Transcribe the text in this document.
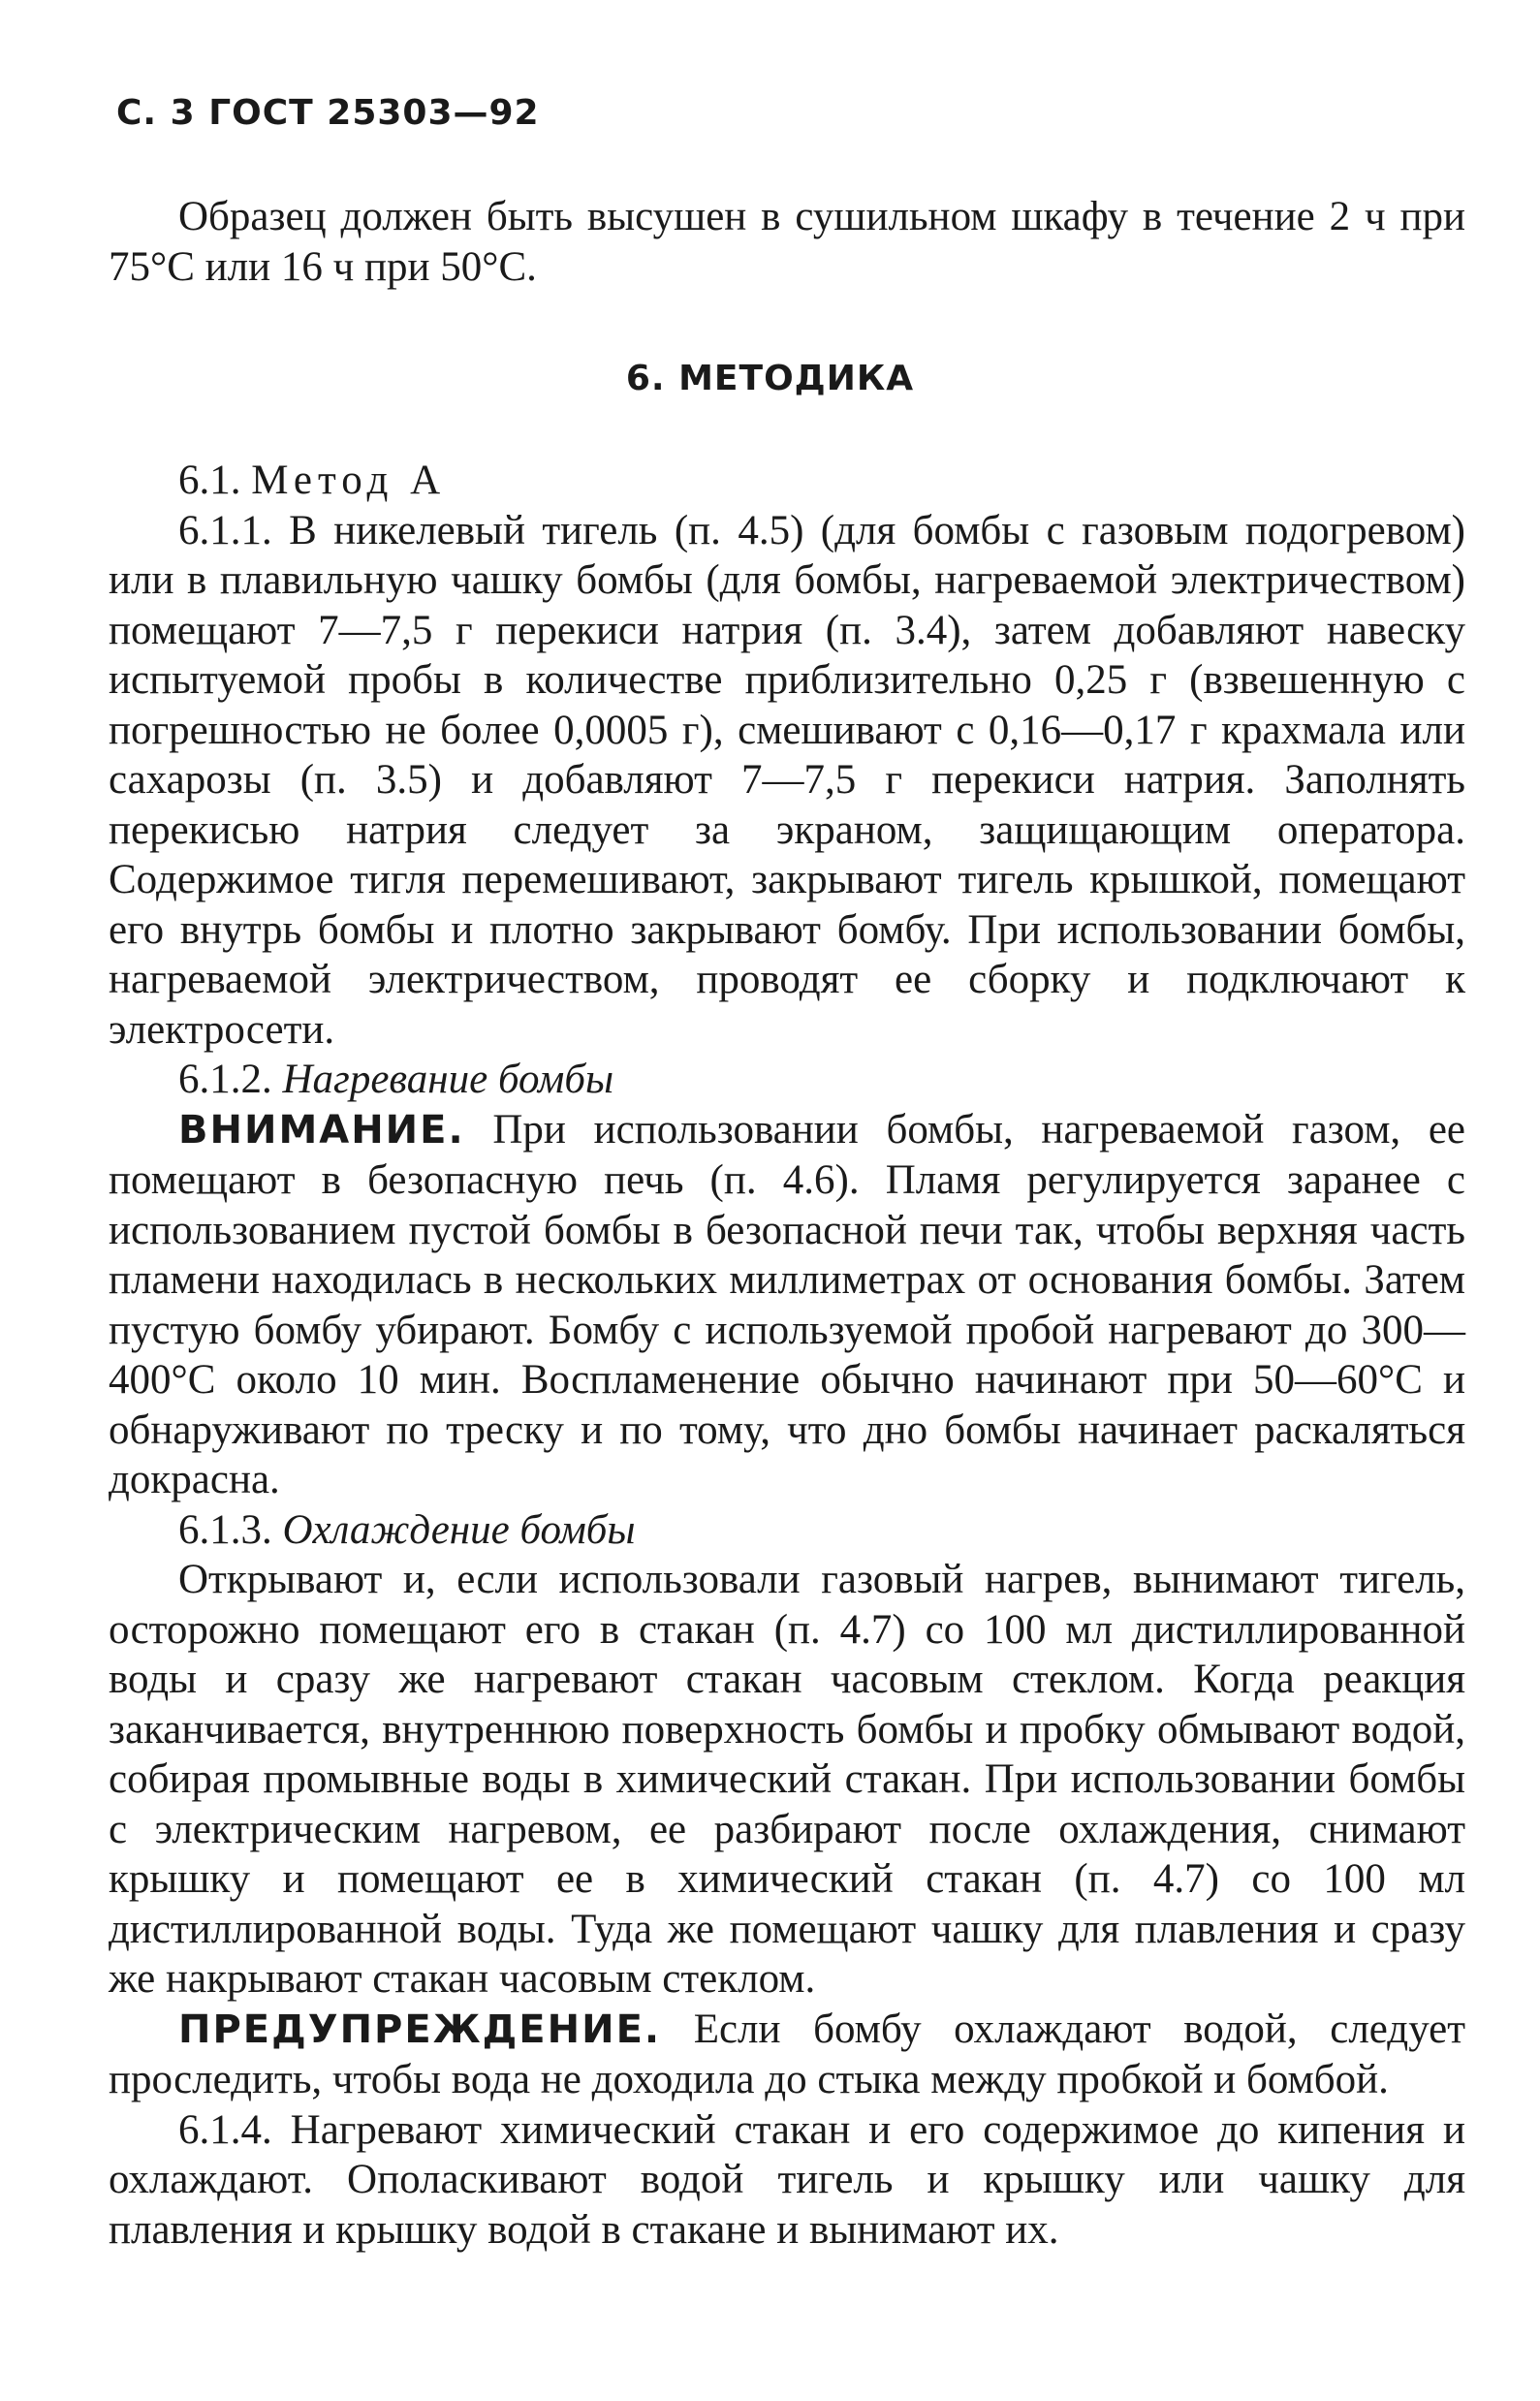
С. 3 ГОСТ 25303—92

Образец должен быть высушен в сушильном шкафу в течение 2 ч при 75°С или 16 ч при 50°С.

6. МЕТОДИКА

6.1. Метод А

6.1.1. В никелевый тигель (п. 4.5) (для бомбы с газовым подогревом) или в плавильную чашку бомбы (для бомбы, нагреваемой электричеством) помещают 7—7,5 г перекиси натрия (п. 3.4), затем добавляют навеску испытуемой пробы в количестве приблизительно 0,25 г (взвешенную с погрешностью не более 0,0005 г), смешивают с 0,16—0,17 г крахмала или сахарозы (п. 3.5) и добавляют 7—7,5 г перекиси натрия. Заполнять перекисью натрия следует за экраном, защищающим оператора. Содержимое тигля перемешивают, закрывают тигель крышкой, помещают его внутрь бомбы и плотно закрывают бомбу. При использовании бомбы, нагреваемой электричеством, проводят ее сборку и подключают к электросети.

6.1.2. Нагревание бомбы

ВНИМАНИЕ. При использовании бомбы, нагреваемой газом, ее помещают в безопасную печь (п. 4.6). Пламя регулируется заранее с использованием пустой бомбы в безопасной печи так, чтобы верхняя часть пламени находилась в нескольких миллиметрах от основания бомбы. Затем пустую бомбу убирают. Бомбу с используемой пробой нагревают до 300—400°С около 10 мин. Воспламенение обычно начинают при 50—60°С и обнаруживают по треску и по тому, что дно бомбы начинает раскаляться докрасна.

6.1.3. Охлаждение бомбы

Открывают и, если использовали газовый нагрев, вынимают тигель, осторожно помещают его в стакан (п. 4.7) со 100 мл дистиллированной воды и сразу же нагревают стакан часовым стеклом. Когда реакция заканчивается, внутреннюю поверхность бомбы и пробку обмывают водой, собирая промывные воды в химический стакан. При использовании бомбы с электрическим нагревом, ее разбирают после охлаждения, снимают крышку и помещают ее в химический стакан (п. 4.7) со 100 мл дистиллированной воды. Туда же помещают чашку для плавления и сразу же накрывают стакан часовым стеклом.

ПРЕДУПРЕЖДЕНИЕ. Если бомбу охлаждают водой, следует проследить, чтобы вода не доходила до стыка между пробкой и бомбой.

6.1.4. Нагревают химический стакан и его содержимое до кипения и охлаждают. Ополаскивают водой тигель и крышку или чашку для плавления и крышку водой в стакане и вынимают их.
